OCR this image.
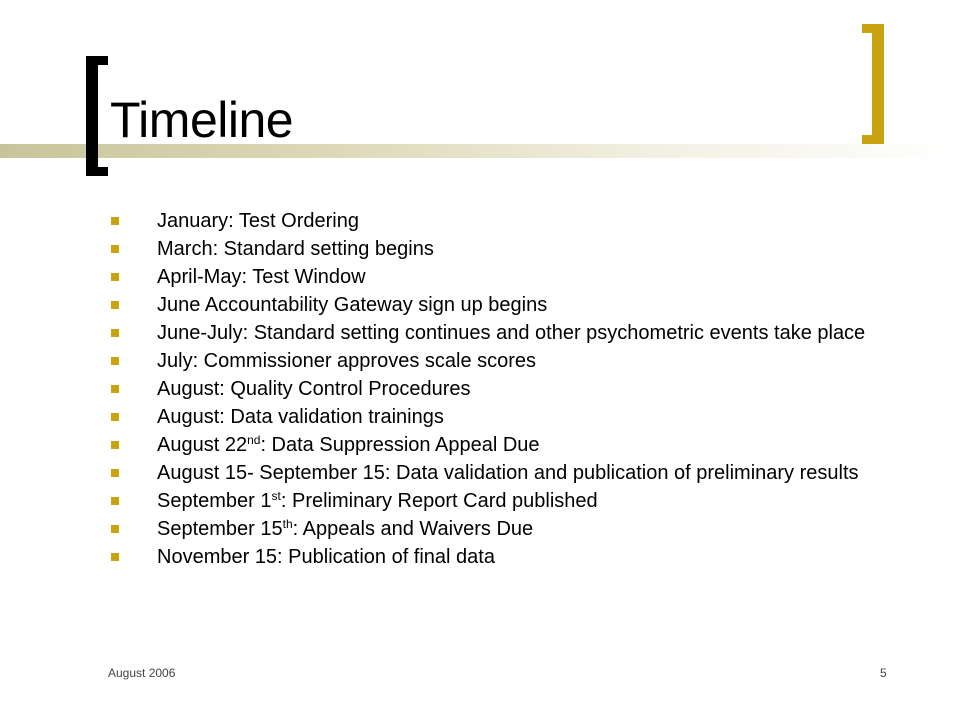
Timeline
January: Test Ordering
March: Standard setting begins
April-May: Test Window
June Accountability Gateway sign up begins
June-July: Standard setting continues and other psychometric events take place
July: Commissioner approves scale scores
August: Quality Control Procedures
August: Data validation trainings
August 22nd: Data Suppression Appeal Due
August 15- September 15: Data validation and publication of preliminary results
September 1st: Preliminary Report Card published
September 15th: Appeals and Waivers Due
November 15: Publication of final data
August 2006	5
